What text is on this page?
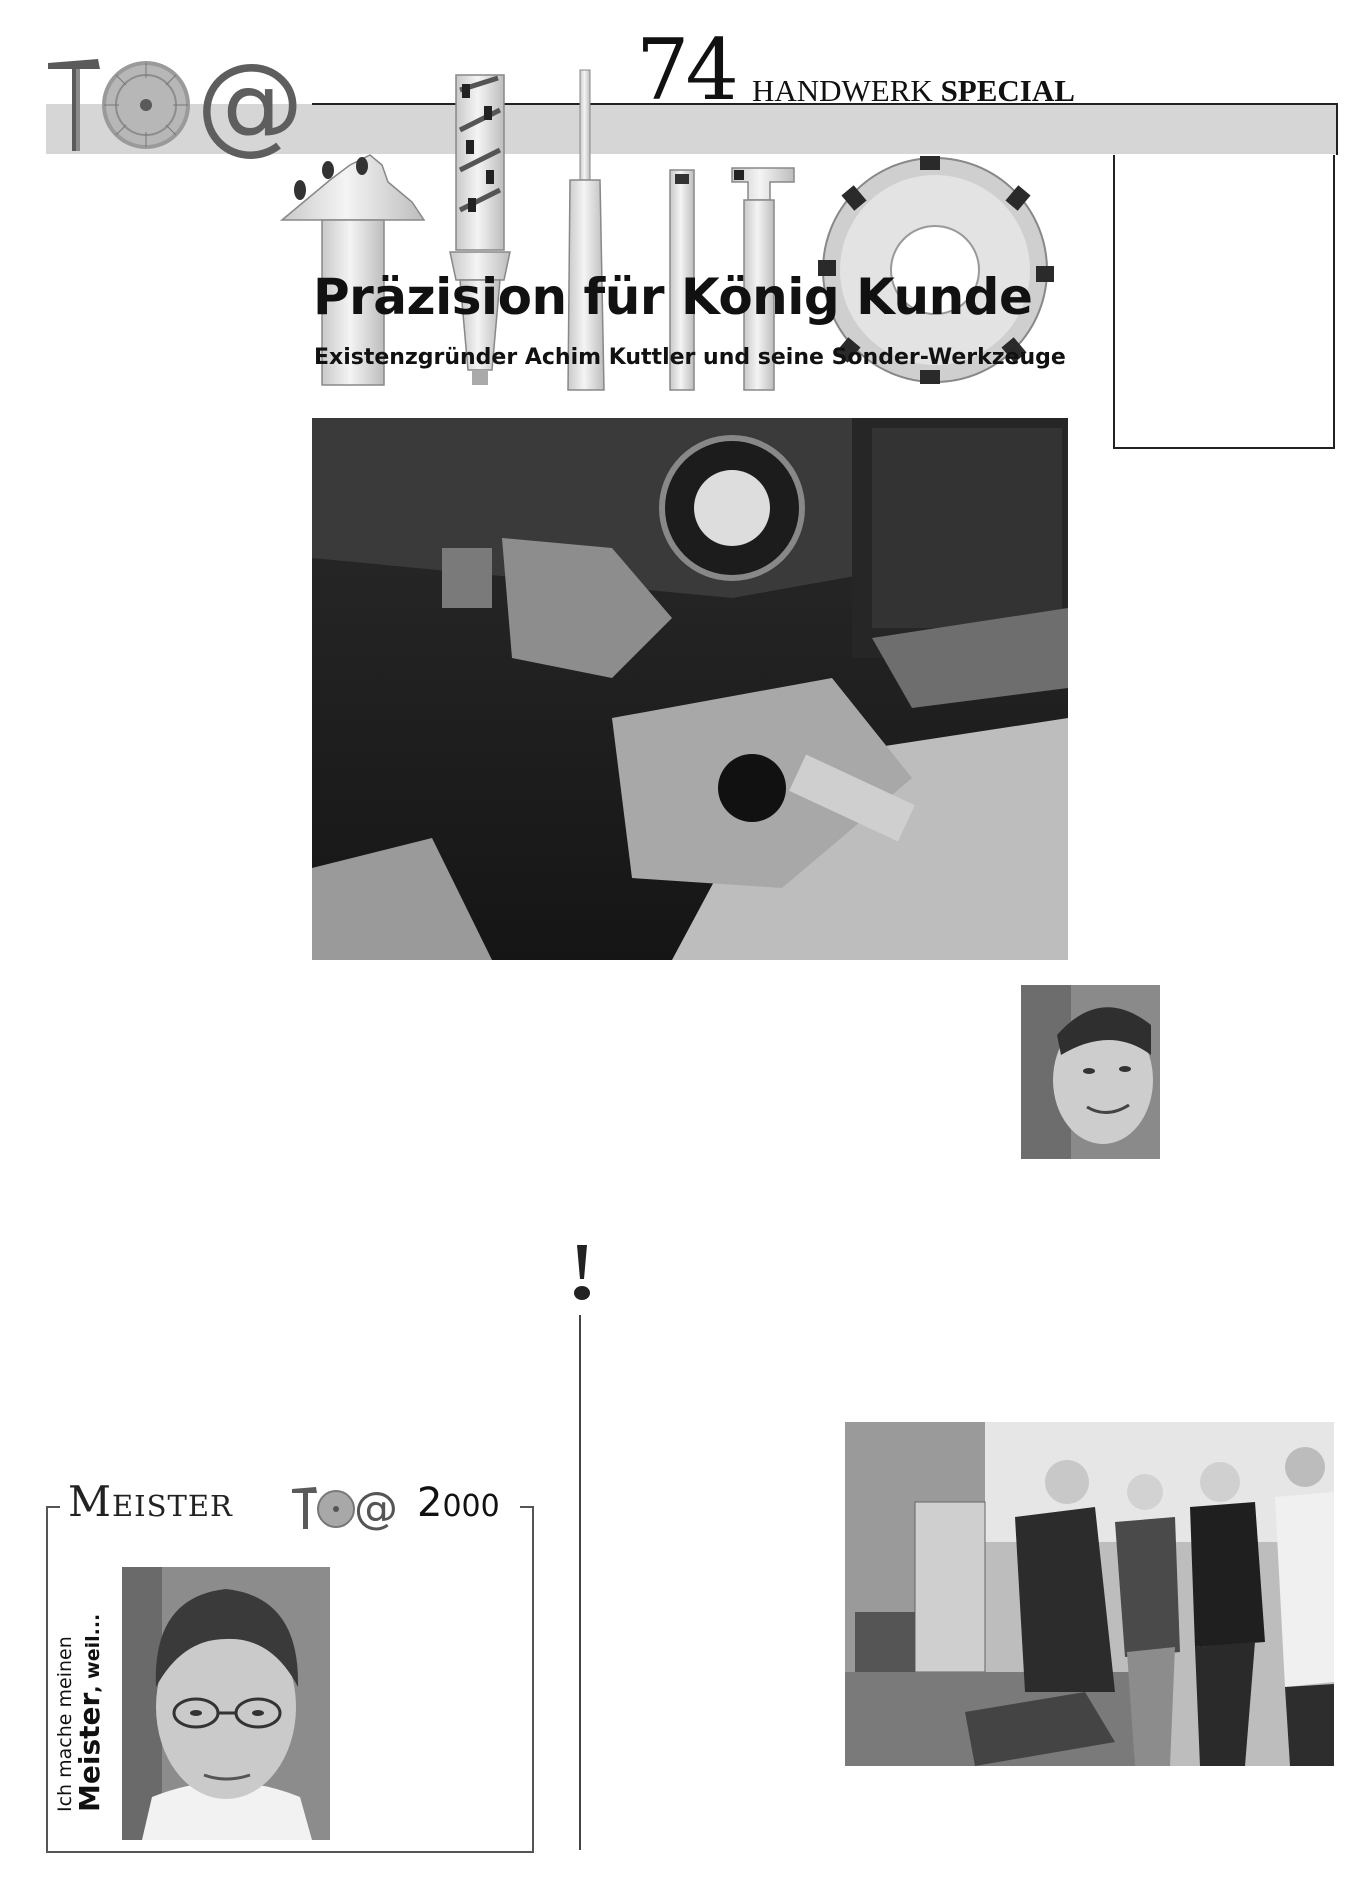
@	74 HANDWERK SPECIAL
Präzision für König Kunde
Existenzgründer Achim Kuttler und seine Sonder-Werkzeuge
Meister	@ 2000
Ich mache meinen
Meister, weil...
